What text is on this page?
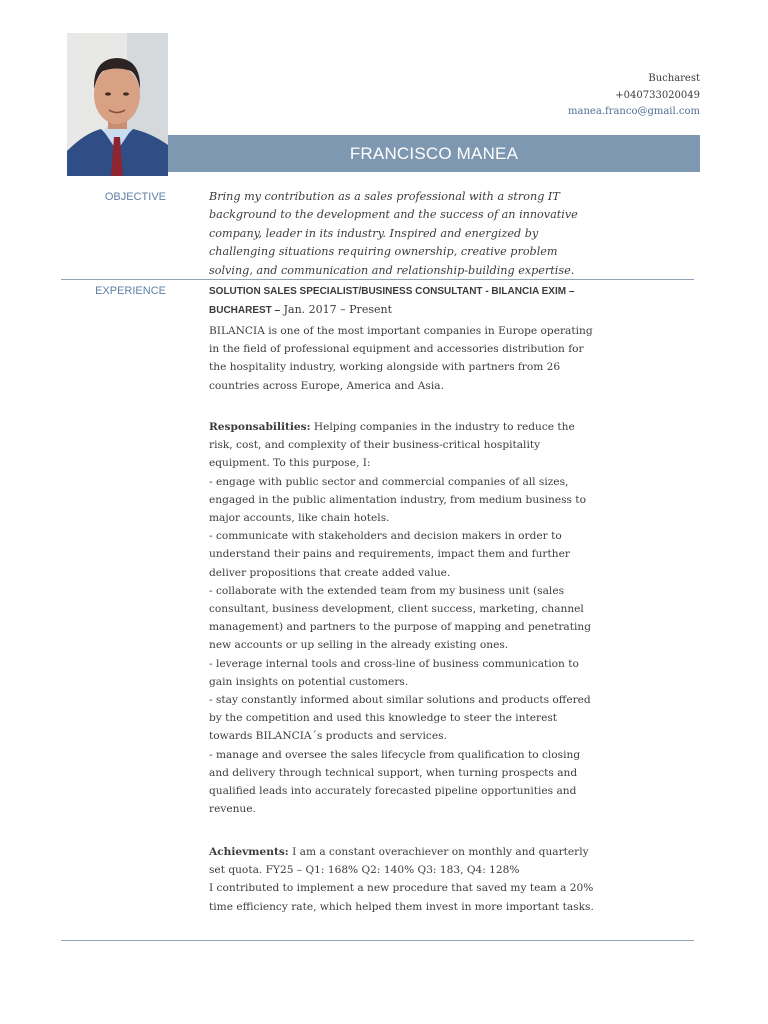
Bucharest
+040733020049
manea.franco@gmail.com
FRANCISCO MANEA
OBJECTIVE	Bring my contribution as a sales professional with a strong IT background to the development and the success of an innovative company, leader in its industry. Inspired and energized by challenging situations requiring ownership, creative problem solving, and communication and relationship-building expertise.
EXPERIENCE	SOLUTION SALES SPECIALIST/BUSINESS CONSULTANT - BILANCIA EXIM – BUCHAREST – Jan. 2017 – Present
BILANCIA is one of the most important companies in Europe operating in the field of professional equipment and accessories distribution for the hospitality industry, working alongside with partners from 26 countries across Europe, America and Asia.
Responsabilities: Helping companies in the industry to reduce the risk, cost, and complexity of their business-critical hospitality equipment. To this purpose, I:
- engage with public sector and commercial companies of all sizes, engaged in the public alimentation industry, from medium business to major accounts, like chain hotels.
- communicate with stakeholders and decision makers in order to understand their pains and requirements, impact them and further deliver propositions that create added value.
- collaborate with the extended team from my business unit (sales consultant, business development, client success, marketing, channel management) and partners to the purpose of mapping and penetrating new accounts or up selling in the already existing ones.
- leverage internal tools and cross-line of business communication to gain insights on potential customers.
- stay constantly informed about similar solutions and products offered by the competition and used this knowledge to steer the interest towards BILANCIA´s products and services.
- manage and oversee the sales lifecycle from qualification to closing and delivery through technical support, when turning prospects and qualified leads into accurately forecasted pipeline opportunities and revenue.
Achievments: I am a constant overachiever on monthly and quarterly set quota. FY25 – Q1: 168% Q2: 140% Q3: 183, Q4: 128%
I contributed to implement a new procedure that saved my team a 20% time efficiency rate, which helped them invest in more important tasks.
